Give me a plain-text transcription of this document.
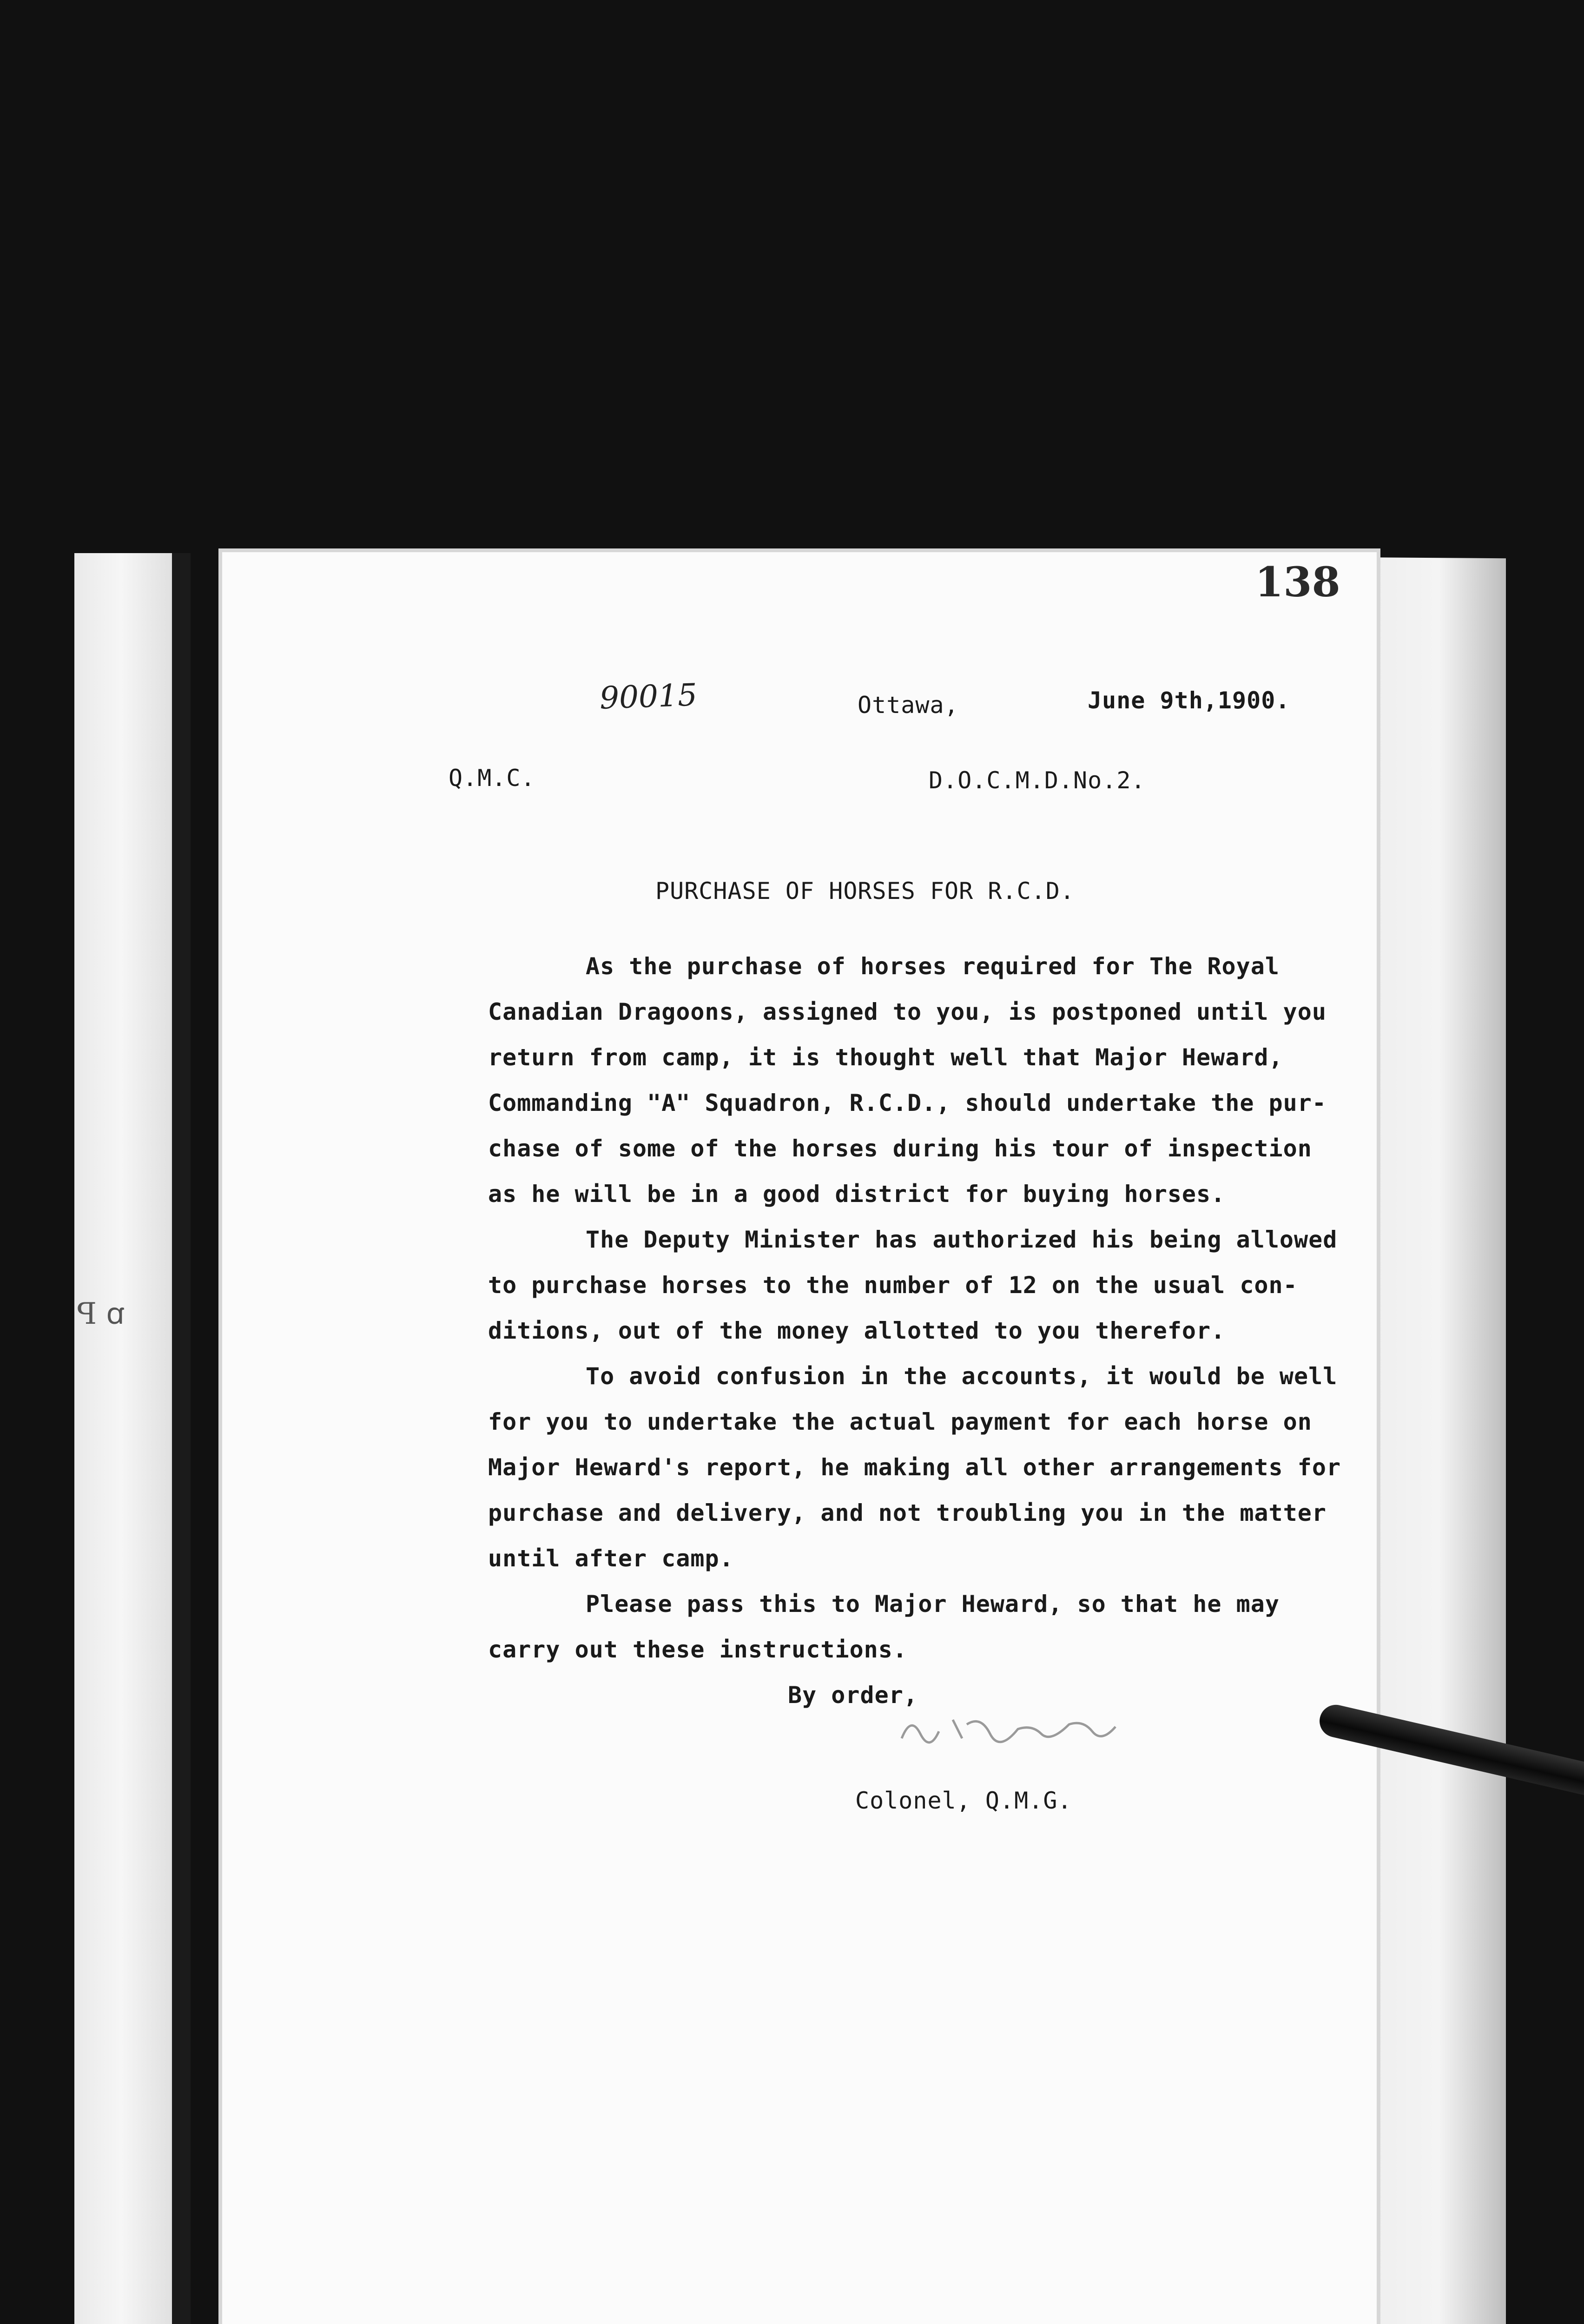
ꟼ ꭤ
138
90015	Ottawa,	June 9th,1900.
Q.M.C.	D.O.C.M.D.No.2.
PURCHASE OF HORSES FOR R.C.D.
As the purchase of horses required for The Royal
Canadian Dragoons, assigned to you, is postponed until you
return from camp, it is thought well that Major Heward,
Commanding "A" Squadron, R.C.D., should undertake the pur-
chase of some of the horses during his tour of inspection
as he will be in a good district for buying horses.
The Deputy Minister has authorized his being allowed
to purchase horses to the number of 12 on the usual con-
ditions, out of the money allotted to you therefor.
To avoid confusion in the accounts, it would be well
for you to undertake the actual payment for each horse on
Major Heward's report, he making all other arrangements for
purchase and delivery, and not troubling you in the matter
until after camp.
Please pass this to Major Heward, so that he may
carry out these instructions.
By order,
Colonel, Q.M.G.
